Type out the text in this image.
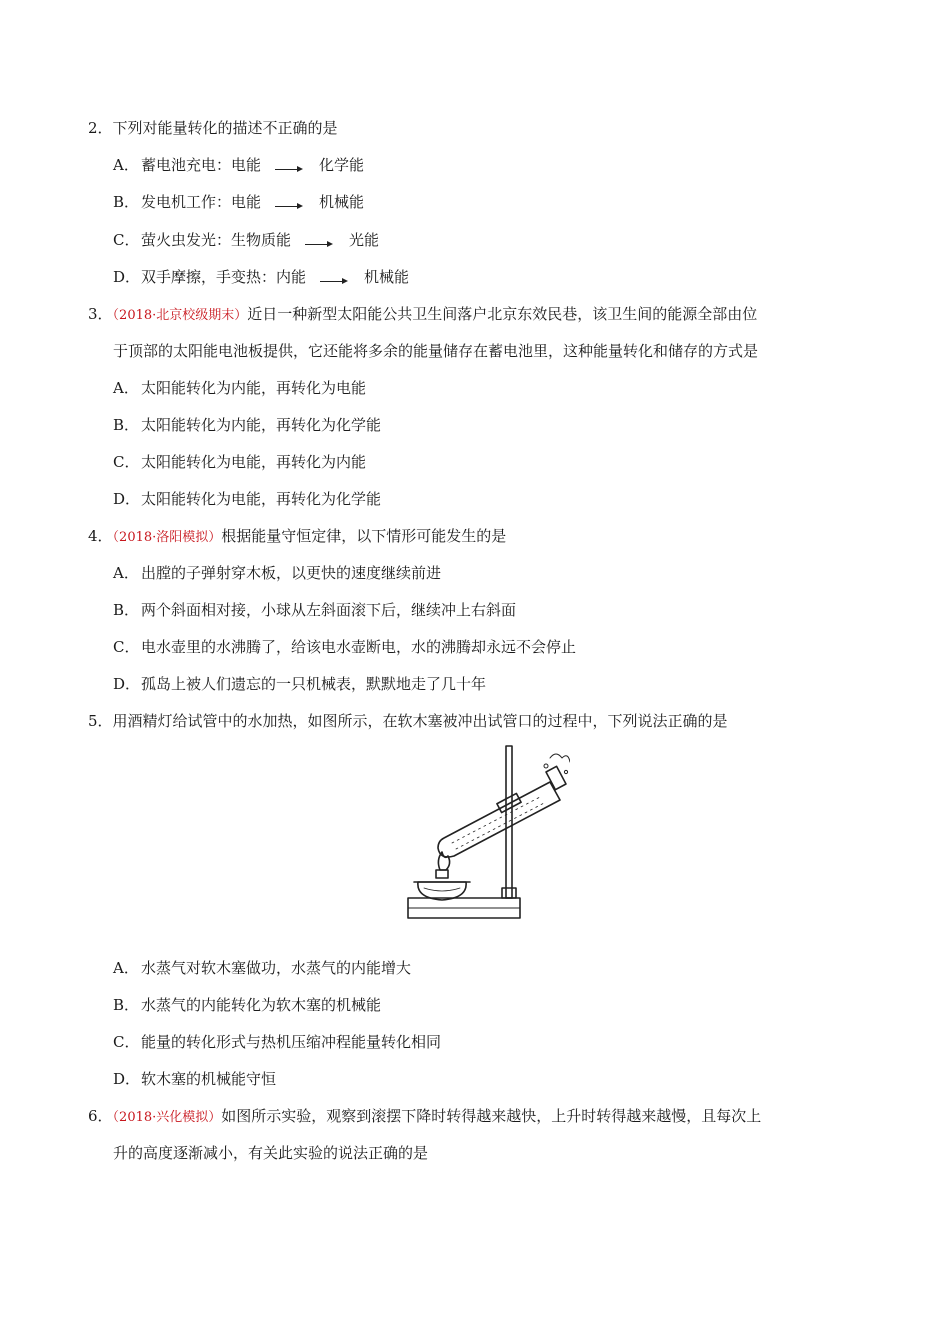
2．下列对能量转化的描述不正确的是
A． 蓄电池充电：电能	化学能
B． 发电机工作：电能	机械能
C． 萤火虫发光：生物质能	光能
D．双手摩擦，手变热：内能	机械能
3．（2018·北京校级期末）近日一种新型太阳能公共卫生间落户北京东效民巷，该卫生间的能源全部由位
于顶部的太阳能电池板提供，它还能将多余的能量储存在蓄电池里，这种能量转化和储存的方式是
A． 太阳能转化为内能，再转化为电能
B． 太阳能转化为内能，再转化为化学能
C． 太阳能转化为电能，再转化为内能
D．太阳能转化为电能，再转化为化学能
4．（2018·洛阳模拟）根据能量守恒定律，以下情形可能发生的是
A． 出膛的子弹射穿木板，以更快的速度继续前进
B． 两个斜面相对接，小球从左斜面滚下后，继续冲上右斜面
C． 电水壶里的水沸腾了，给该电水壶断电，水的沸腾却永远不会停止
D．孤岛上被人们遗忘的一只机械表，默默地走了几十年
5．用酒精灯给试管中的水加热，如图所示，在软木塞被冲出试管口的过程中，下列说法正确的是
A． 水蒸气对软木塞做功，水蒸气的内能增大
B． 水蒸气的内能转化为软木塞的机械能
C． 能量的转化形式与热机压缩冲程能量转化相同
D．软木塞的机械能守恒
6．（2018·兴化模拟）如图所示实验，观察到滚摆下降时转得越来越快，上升时转得越来越慢，且每次上
升的高度逐渐减小，有关此实验的说法正确的是
